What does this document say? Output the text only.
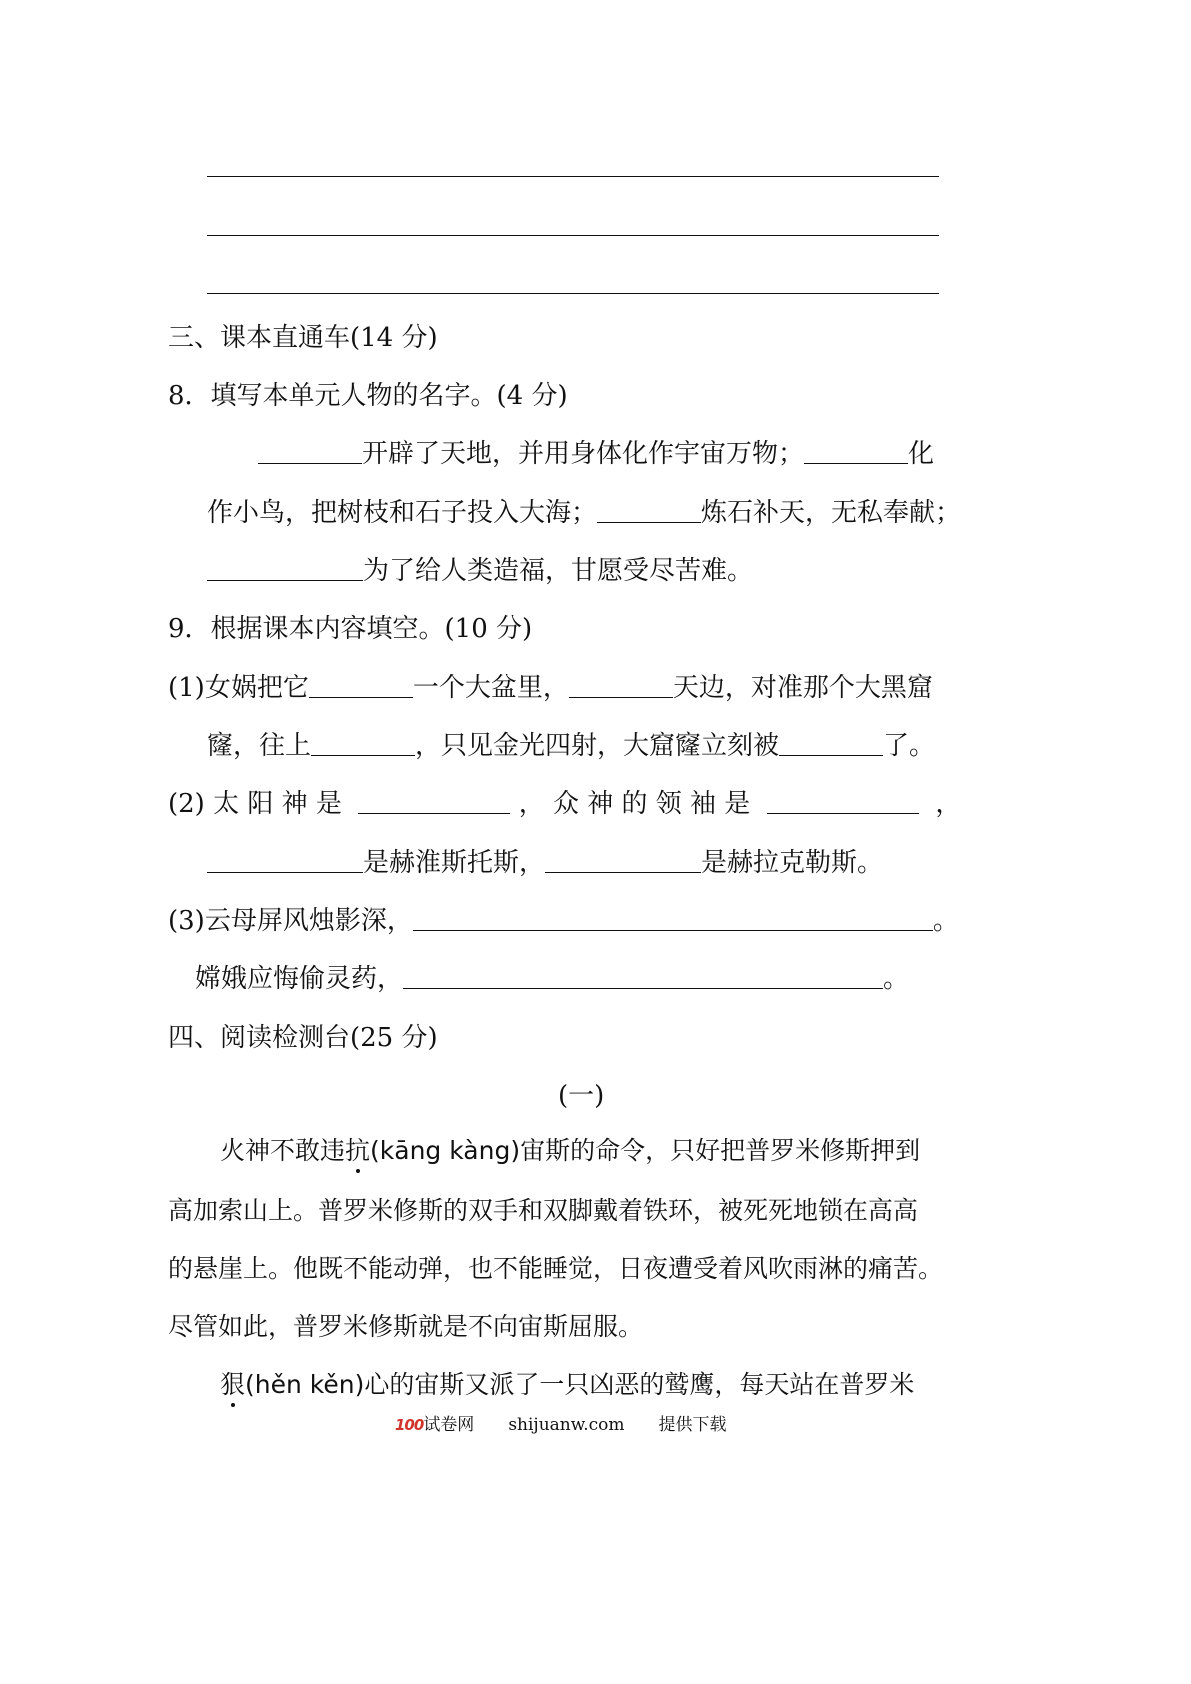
三、课本直通车(14 分)
8．填写本单元人物的名字。(4 分)
开辟了天地，并用身体化作宇宙万物；	化
作小鸟，把树枝和石子投入大海；	炼石补天，无私奉献；
为了给人类造福，甘愿受尽苦难。
9．根据课本内容填空。(10 分)
(1)女娲把它	一个大盆里，	天边，对准那个大黑窟
窿，往上	，只见金光四射，大窟窿立刻被	了。
(2) 太 阳 神 是	， 众 神 的 领 袖 是	，
是赫淮斯托斯，	是赫拉克勒斯。
(3)云母屏风烛影深，	。
嫦娥应悔偷灵药，	。
四、阅读检测台(25 分)
(一)
火神不敢违抗(kāng kàng)宙斯的命令，只好把普罗米修斯押到
高加索山上。普罗米修斯的双手和双脚戴着铁环，被死死地锁在高高
的悬崖上。他既不能动弹，也不能睡觉，日夜遭受着风吹雨淋的痛苦。
尽管如此，普罗米修斯就是不向宙斯屈服。
狠(hěn kěn)心的宙斯又派了一只凶恶的鹫鹰，每天站在普罗米
100试卷网 shijuanw.com 提供下载
